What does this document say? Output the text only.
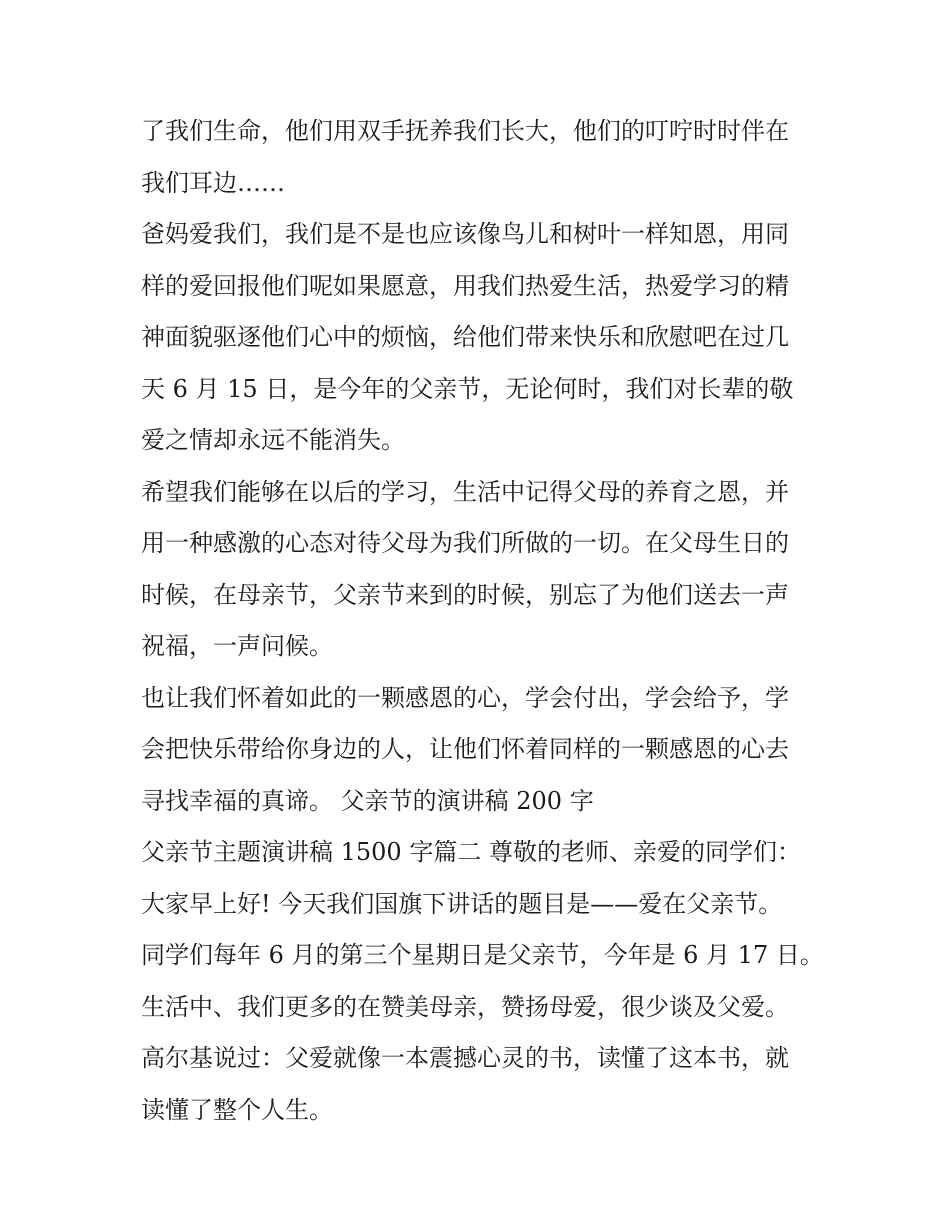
了我们生命，他们用双手抚养我们长大，他们的叮咛时时伴在
我们耳边……
爸妈爱我们，我们是不是也应该像鸟儿和树叶一样知恩，用同
样的爱回报他们呢如果愿意，用我们热爱生活，热爱学习的精
神面貌驱逐他们心中的烦恼，给他们带来快乐和欣慰吧在过几
天 6 月 15 日，是今年的父亲节，无论何时，我们对长辈的敬
爱之情却永远不能消失。
希望我们能够在以后的学习，生活中记得父母的养育之恩，并
用一种感激的心态对待父母为我们所做的一切。在父母生日的
时候，在母亲节，父亲节来到的时候，别忘了为他们送去一声
祝福，一声问候。
也让我们怀着如此的一颗感恩的心，学会付出，学会给予，学
会把快乐带给你身边的人，让他们怀着同样的一颗感恩的心去
寻找幸福的真谛。 父亲节的演讲稿 200 字
父亲节主题演讲稿 1500 字篇二 尊敬的老师、亲爱的同学们：
大家早上好! 今天我们国旗下讲话的题目是——爱在父亲节。
同学们每年 6 月的第三个星期日是父亲节，今年是 6 月 17 日。
生活中、我们更多的在赞美母亲，赞扬母爱，很少谈及父爱。
高尔基说过：父爱就像一本震撼心灵的书，读懂了这本书，就
读懂了整个人生。
